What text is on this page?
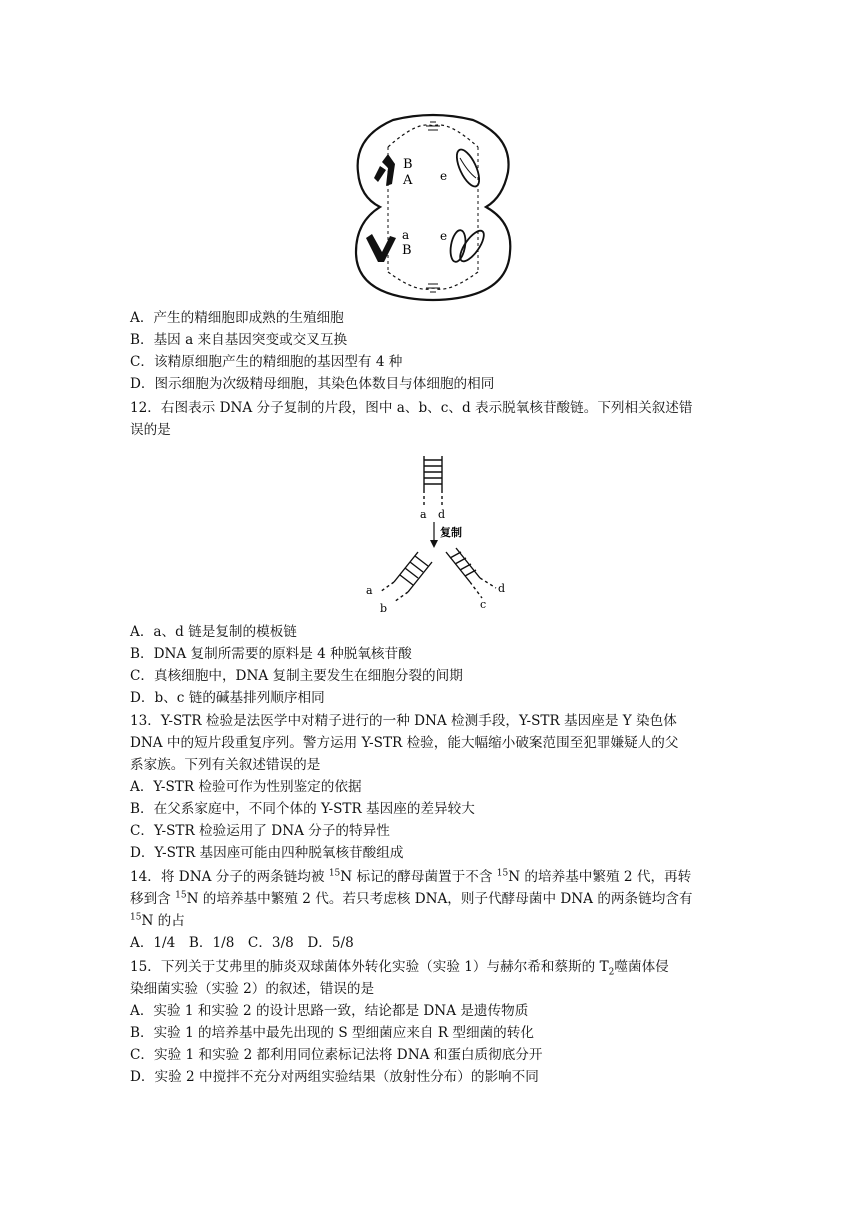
B
A e
a
B
e
A．产生的精细胞即成熟的生殖细胞
B．基因 a 来自基因突变或交叉互换
C．该精原细胞产生的精细胞的基因型有 4 种
D．图示细胞为次级精母细胞，其染色体数目与体细胞的相同
12．右图表示 DNA 分子复制的片段，图中 a、b、c、d 表示脱氧核苷酸链。下列相关叙述错
误的是
a d
复制
a
b
d
c
A．a、d 链是复制的模板链
B．DNA 复制所需要的原料是 4 种脱氧核苷酸
C．真核细胞中，DNA 复制主要发生在细胞分裂的间期
D．b、c 链的碱基排列顺序相同
13．Y-STR 检验是法医学中对精子进行的一种 DNA 检测手段，Y-STR 基因座是 Y 染色体
DNA 中的短片段重复序列。警方运用 Y-STR 检验，能大幅缩小破案范围至犯罪嫌疑人的父
系家族。下列有关叙述错误的是
A．Y-STR 检验可作为性别鉴定的依据
B．在父系家庭中，不同个体的 Y-STR 基因座的差异较大
C．Y-STR 检验运用了 DNA 分子的特异性
D．Y-STR 基因座可能由四种脱氧核苷酸组成
14．将 DNA 分子的两条链均被 $^{15}$N 标记的酵母菌置于不含 $^{15}$N 的培养基中繁殖 2 代，再转
移到含 $^{15}$N 的培养基中繁殖 2 代。若只考虑核 DNA，则子代酵母菌中 DNA 的两条链均含有
$^{15}$N 的占
A．1/4　B．1/8　C．3/8　D．5/8
15．下列关于艾弗里的肺炎双球菌体外转化实验（实验 1）与赫尔希和蔡斯的 $T_2$噬菌体侵
染细菌实验（实验 2）的叙述，错误的是
A．实验 1 和实验 2 的设计思路一致，结论都是 DNA 是遗传物质
B．实验 1 的培养基中最先出现的 S 型细菌应来自 R 型细菌的转化
C．实验 1 和实验 2 都利用同位素标记法将 DNA 和蛋白质彻底分开
D．实验 2 中搅拌不充分对两组实验结果（放射性分布）的影响不同
